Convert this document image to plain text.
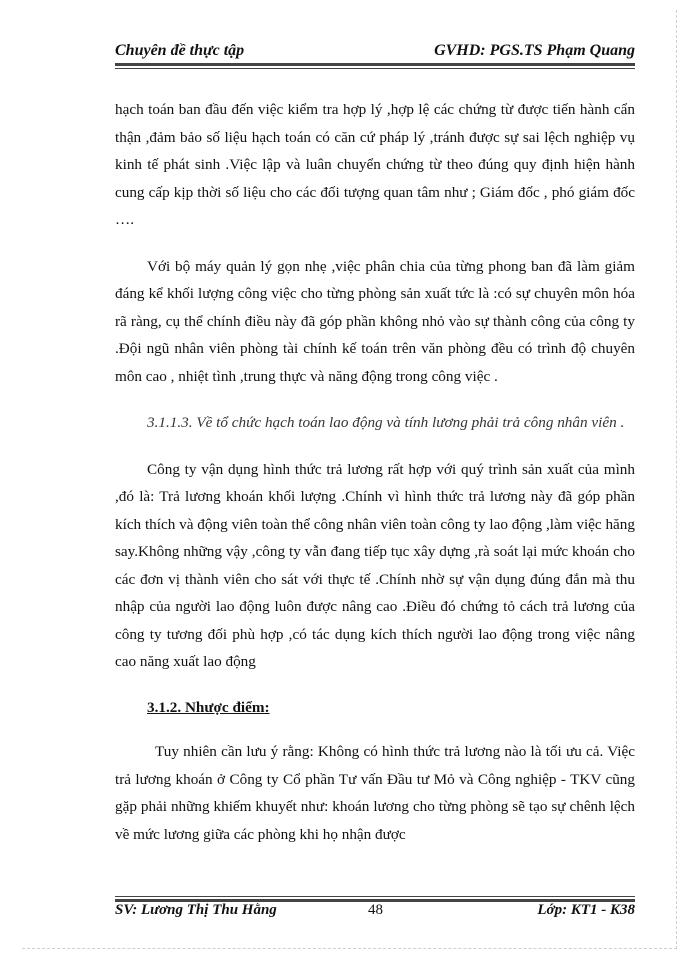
Chuyên đề thực tập	GVHD: PGS.TS Phạm Quang

hạch toán ban đầu đến việc kiểm tra hợp lý ,hợp lệ các chứng từ được tiến hành cẩn thận ,đảm bảo số liệu hạch toán có căn cứ pháp lý ,tránh được sự sai lệch nghiệp vụ kinh tế phát sinh .Việc lập và luân chuyển chứng từ theo đúng quy định hiện hành cung cấp kịp thời số liệu cho các đối tượng quan tâm như ; Giám đốc , phó giám đốc ….

Với bộ máy quản lý gọn nhẹ ,việc phân chia của từng phong ban đã làm giảm đáng kể khối lượng công việc cho từng phòng sản xuất tức là :có sự chuyên môn hóa rã ràng, cụ thể chính điều này đã góp phần không nhỏ vào sự thành công của công ty .Đội ngũ nhân viên phòng tài chính kế toán trên văn phòng đều có trình độ chuyên môn cao , nhiệt tình ,trung thực và năng động trong công việc .

3.1.1.3. Về tổ chức hạch toán lao động và tính lương phải trả công nhân viên .

Công ty vận dụng hình thức trả lương rất hợp với quý trình sản xuất của mình ,đó là: Trả lương khoán khối lượng .Chính vì hình thức trả lương này đã góp phần kích thích và động viên toàn thể công nhân viên toàn công ty lao động ,làm việc hăng say.Không những vậy ,công ty vẫn đang tiếp tục xây dựng ,rà soát lại mức khoán cho các đơn vị thành viên cho sát với thực tế .Chính nhờ sự vận dụng đúng đắn mà thu nhập của người lao động luôn được nâng cao .Điều đó chứng tỏ cách trả lương của công ty tương đối phù hợp ,có tác dụng kích thích người lao động trong việc nâng cao năng xuất lao động

3.1.2. Nhược điểm:

Tuy nhiên cần lưu ý rằng: Không có hình thức trả lương nào là tối ưu cả. Việc trả lương khoán ở Công ty Cổ phần Tư vấn Đầu tư Mỏ và Công nghiệp - TKV cũng gặp phải những khiếm khuyết như: khoán lương cho từng phòng sẽ tạo sự chênh lệch về mức lương giữa các phòng khi họ nhận được

SV: Lương Thị Thu Hằng	48	Lớp: KT1 - K38
